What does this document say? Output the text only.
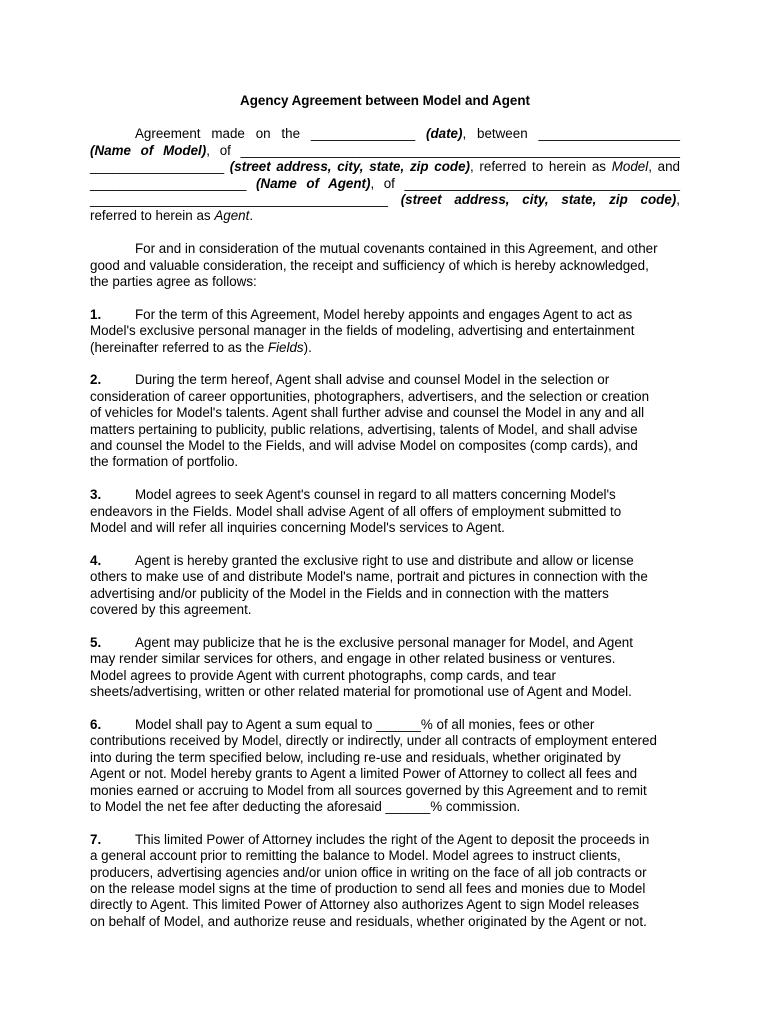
Agency Agreement between Model and Agent
Agreement made on the ______________ (date), between ___________________
(Name of Model), of ___________________________________________________________
__________________ (street address, city, state, zip code), referred to herein as Model, and
_____________________ (Name of Agent), of _____________________________________
________________________________________ (street address, city, state, zip code),
referred to herein as Agent.
For and in consideration of the mutual covenants contained in this Agreement, and other
good and valuable consideration, the receipt and sufficiency of which is hereby acknowledged,
the parties agree as follows:
1.	For the term of this Agreement, Model hereby appoints and engages Agent to act as
Model's exclusive personal manager in the fields of modeling, advertising and entertainment
(hereinafter referred to as the Fields).
2.	During the term hereof, Agent shall advise and counsel Model in the selection or
consideration of career opportunities, photographers, advertisers, and the selection or creation
of vehicles for Model's talents. Agent shall further advise and counsel the Model in any and all
matters pertaining to publicity, public relations, advertising, talents of Model, and shall advise
and counsel the Model to the Fields, and will advise Model on composites (comp cards), and
the formation of portfolio.
3.	Model agrees to seek Agent's counsel in regard to all matters concerning Model's
endeavors in the Fields. Model shall advise Agent of all offers of employment submitted to
Model and will refer all inquiries concerning Model's services to Agent.
4.	Agent is hereby granted the exclusive right to use and distribute and allow or license
others to make use of and distribute Model's name, portrait and pictures in connection with the
advertising and/or publicity of the Model in the Fields and in connection with the matters
covered by this agreement.
5.	Agent may publicize that he is the exclusive personal manager for Model, and Agent
may render similar services for others, and engage in other related business or ventures.
Model agrees to provide Agent with current photographs, comp cards, and tear
sheets/advertising, written or other related material for promotional use of Agent and Model.
6.	Model shall pay to Agent a sum equal to ______% of all monies, fees or other
contributions received by Model, directly or indirectly, under all contracts of employment entered
into during the term specified below, including re-use and residuals, whether originated by
Agent or not. Model hereby grants to Agent a limited Power of Attorney to collect all fees and
monies earned or accruing to Model from all sources governed by this Agreement and to remit
to Model the net fee after deducting the aforesaid ______% commission.
7.	This limited Power of Attorney includes the right of the Agent to deposit the proceeds in
a general account prior to remitting the balance to Model. Model agrees to instruct clients,
producers, advertising agencies and/or union office in writing on the face of all job contracts or
on the release model signs at the time of production to send all fees and monies due to Model
directly to Agent. This limited Power of Attorney also authorizes Agent to sign Model releases
on behalf of Model, and authorize reuse and residuals, whether originated by the Agent or not.
